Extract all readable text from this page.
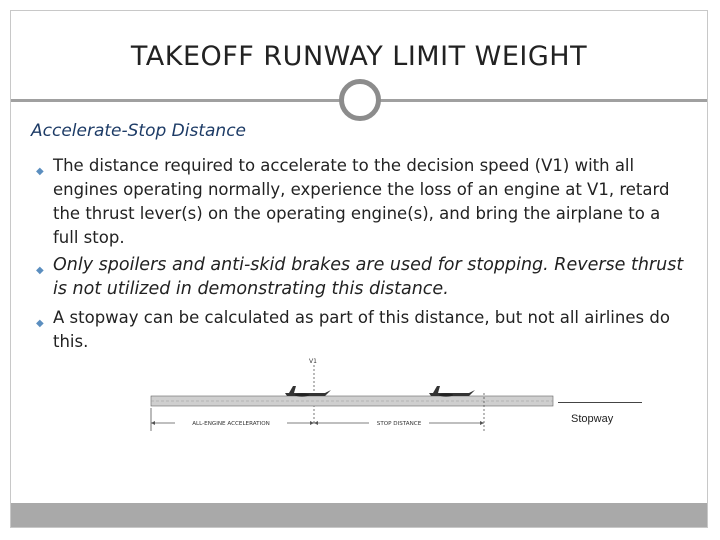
TAKEOFF RUNWAY LIMIT WEIGHT
Accelerate-Stop Distance
◆ The distance required to accelerate to the decision speed (V1) with all engines operating normally, experience the loss of an engine at V1, retard the thrust lever(s) on the operating engine(s), and bring the airplane to a full stop.
◆ Only spoilers and anti-skid brakes are used for stopping. Reverse thrust is not utilized in demonstrating this distance.
◆ A stopway can be calculated as part of this distance, but not all airlines do this.
V1
ALL-ENGINE ACCELERATION	STOP DISTANCE	Stopway
